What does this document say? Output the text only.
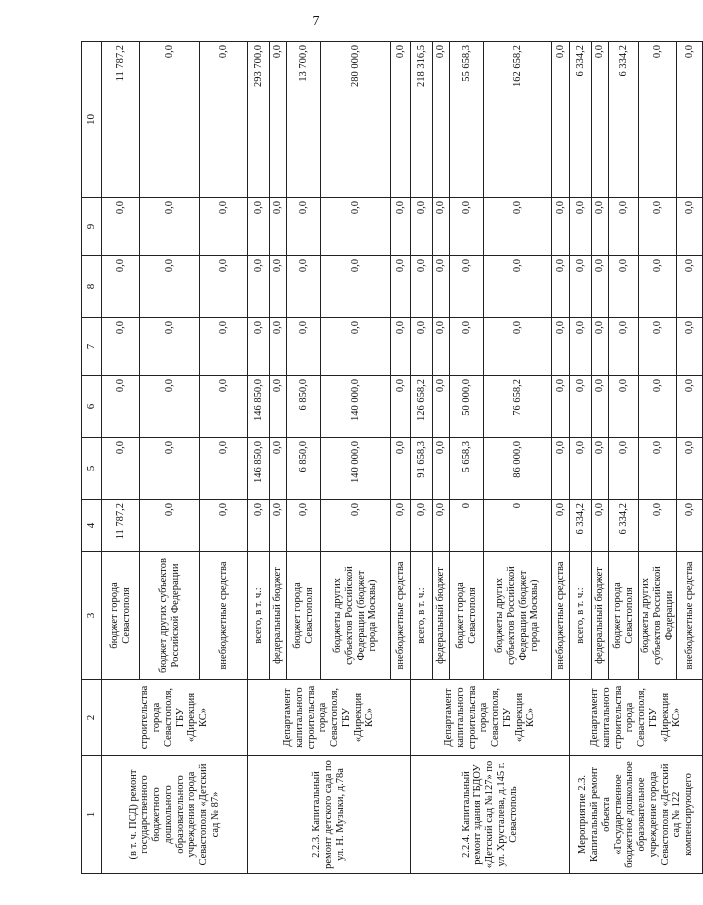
7
1	2	3	4	5	6	7	8	9	10
(в т. ч. ПСД) ремонт государственного бюджетного дошкольного образовательного учреждения города Севастополя «Детский сад № 87»	строительства города Севастополя, ГБУ «Дирекция КС»	бюджет города Севастополя	11 787,2	0,0	0,0	0,0	0,0	0,0	11 787,2
		бюджет других субъектов Российской Федерации	0,0	0,0	0,0	0,0	0,0	0,0	0,0
		внебюджетные средства	0,0	0,0	0,0	0,0	0,0	0,0	0,0
2.2.3. Капитальный ремонт детского сада по ул. Н. Музыки, д.78а	Департамент капитального строительства города Севастополя, ГБУ «Дирекция КС»	всего, в т. ч.:	0,0	146 850,0	146 850,0	0,0	0,0	0,0	293 700,0
		федеральный бюджет	0,0	0,0	0,0	0,0	0,0	0,0	0,0
		бюджет города Севастополя	0,0	6 850,0	6 850,0	0,0	0,0	0,0	13 700,0
		бюджеты других субъектов Российской Федерации (бюджет города Москвы)	0,0	140 000,0	140 000,0	0,0	0,0	0,0	280 000,0
		внебюджетные средства	0,0	0,0	0,0	0,0	0,0	0,0	0,0
2.2.4. Капитальный ремонт здания ГБДОУ «Детский сад №127» по ул. Хрусталева, д.145 г. Севастополь	Департамент капитального строительства города Севастополя, ГБУ «Дирекция КС»	всего, в т. ч.:	0,0	91 658,3	126 658,2	0,0	0,0	0,0	218 316,5
		федеральный бюджет	0,0	0,0	0,0	0,0	0,0	0,0	0,0
		бюджет города Севастополя	0	5 658,3	50 000,0	0,0	0,0	0,0	55 658,3
		бюджеты других субъектов Российской Федерации (бюджет города Москвы)	0	86 000,0	76 658,2	0,0	0,0	0,0	162 658,2
		внебюджетные средства	0,0	0,0	0,0	0,0	0,0	0,0	0,0
Мероприятие 2.3. Капитальный ремонт объекта «Государственное бюджетное дошкольное образовательное учреждение города Севастополя «Детский сад № 122 компенсирующего	Департамент капитального строительства города Севастополя, ГБУ «Дирекция КС»	всего, в т. ч.:	6 334,2	0,0	0,0	0,0	0,0	0,0	6 334,2
		федеральный бюджет	0,0	0,0	0,0	0,0	0,0	0,0	0,0
		бюджет города Севастополя	6 334,2	0,0	0,0	0,0	0,0	0,0	6 334,2
		бюджеты других субъектов Российской Федерации	0,0	0,0	0,0	0,0	0,0	0,0	0,0
		внебюджетные средства	0,0	0,0	0,0	0,0	0,0	0,0	0,0
